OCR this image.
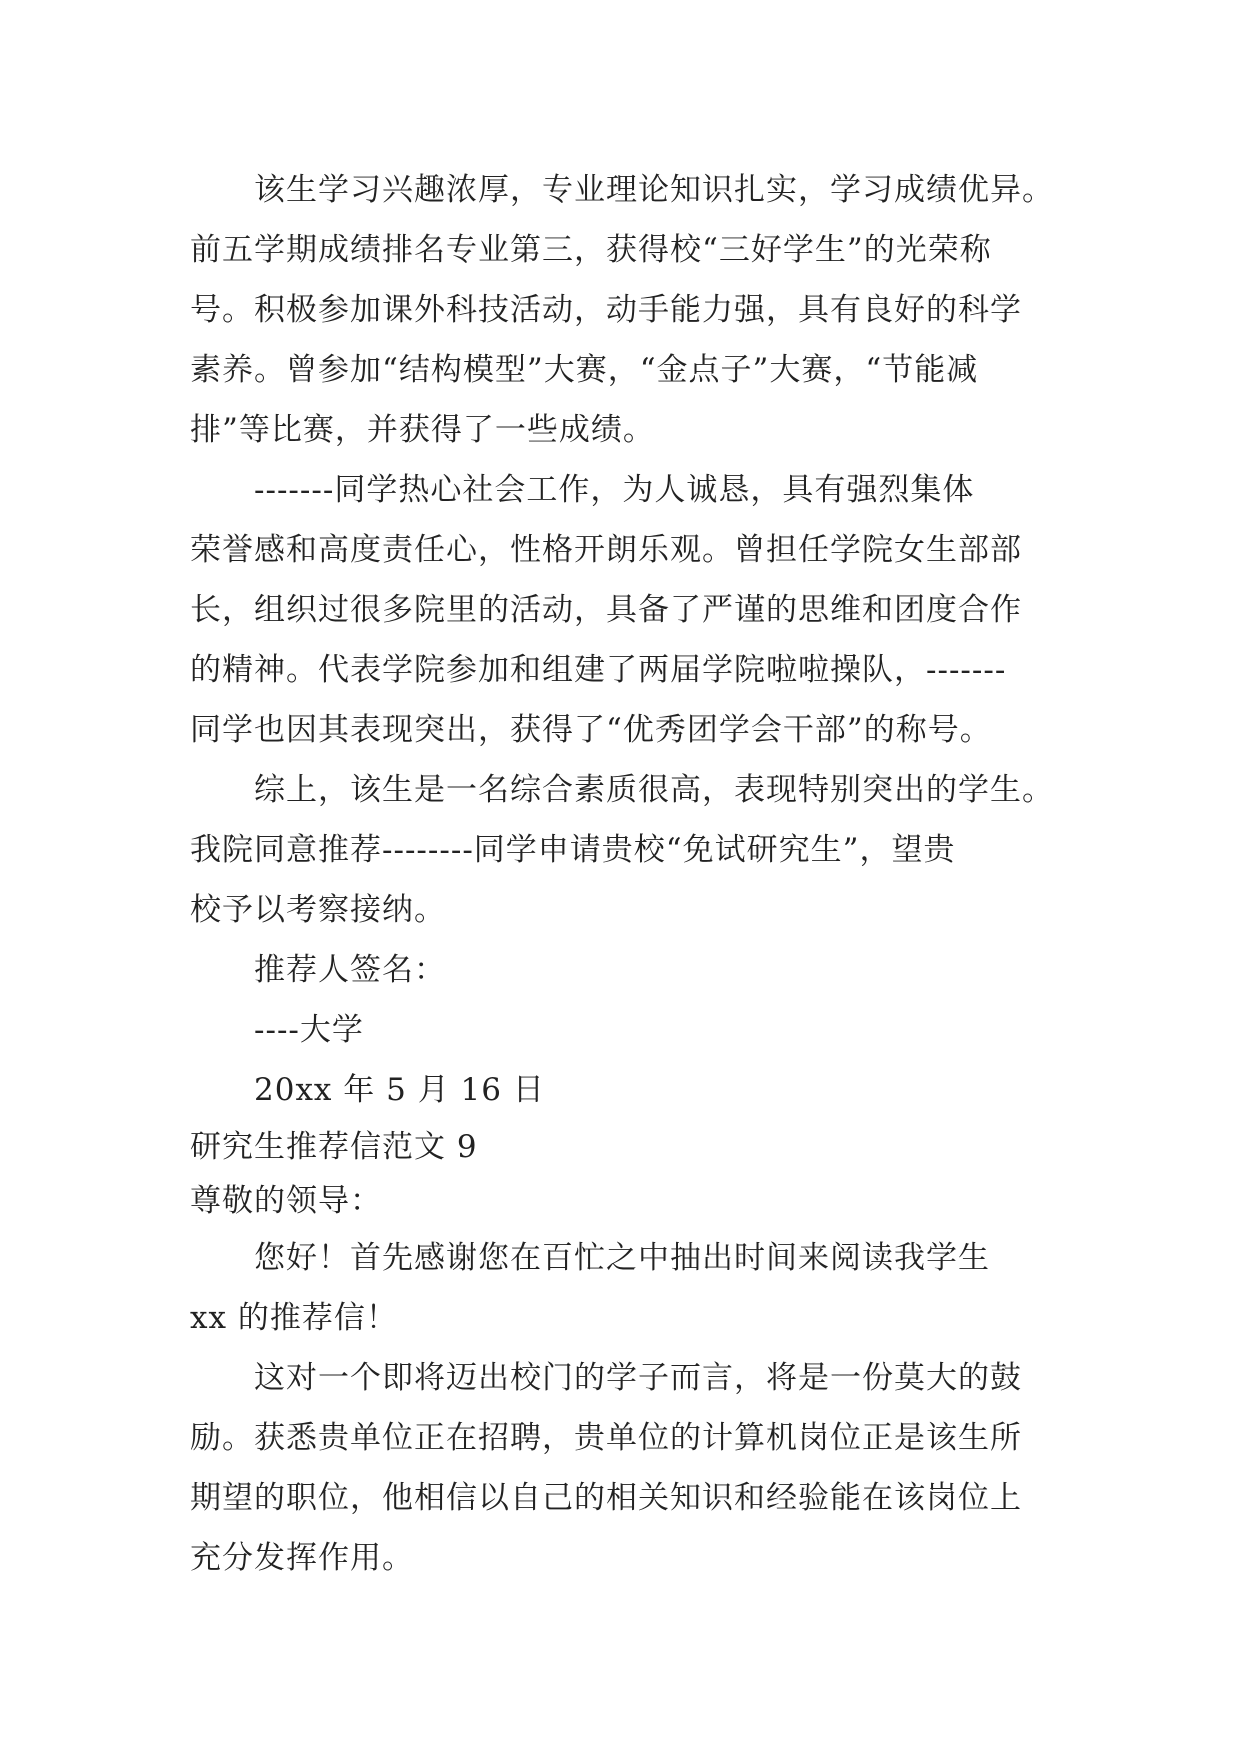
该生学习兴趣浓厚，专业理论知识扎实，学习成绩优异。
前五学期成绩排名专业第三，获得校“三好学生”的光荣称
号。积极参加课外科技活动，动手能力强，具有良好的科学
素养。曾参加“结构模型”大赛，“金点子”大赛，“节能减
排”等比赛，并获得了一些成绩。
-------同学热心社会工作，为人诚恳，具有强烈集体
荣誉感和高度责任心，性格开朗乐观。曾担任学院女生部部
长，组织过很多院里的活动，具备了严谨的思维和团度合作
的精神。代表学院参加和组建了两届学院啦啦操队，-------
同学也因其表现突出，获得了“优秀团学会干部”的称号。
综上，该生是一名综合素质很高，表现特别突出的学生。
我院同意推荐--------同学申请贵校“免试研究生”，望贵
校予以考察接纳。
推荐人签名：
----大学
20xx 年 5 月 16 日
研究生推荐信范文 9
尊敬的领导：
您好！首先感谢您在百忙之中抽出时间来阅读我学生
xx 的推荐信！
这对一个即将迈出校门的学子而言，将是一份莫大的鼓
励。获悉贵单位正在招聘，贵单位的计算机岗位正是该生所
期望的职位，他相信以自己的相关知识和经验能在该岗位上
充分发挥作用。
